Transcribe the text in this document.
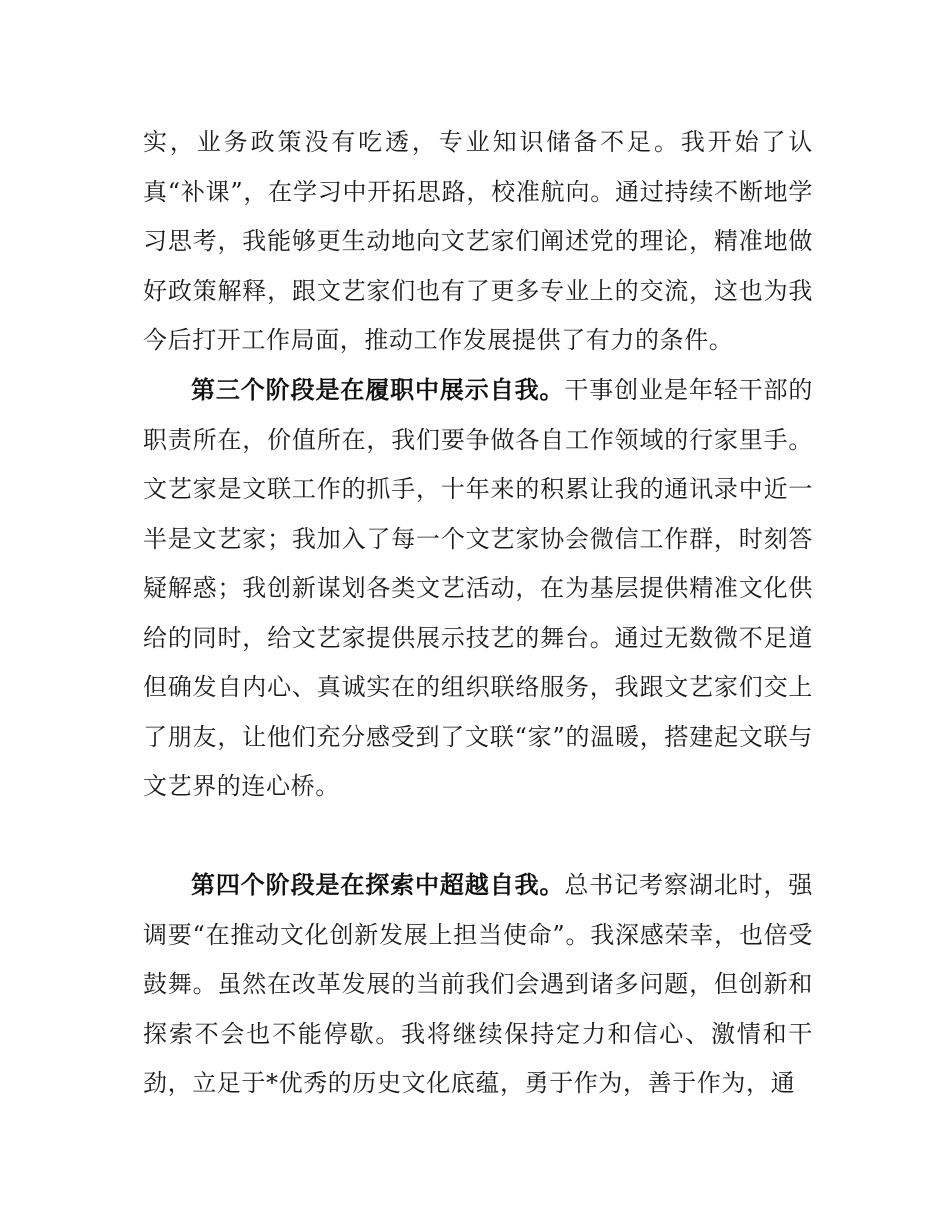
实，业务政策没有吃透，专业知识储备不足。我开始了认真“补课”，在学习中开拓思路，校准航向。通过持续不断地学习思考，我能够更生动地向文艺家们阐述党的理论，精准地做好政策解释，跟文艺家们也有了更多专业上的交流，这也为我今后打开工作局面，推动工作发展提供了有力的条件。

第三个阶段是在履职中展示自我。干事创业是年轻干部的职责所在，价值所在，我们要争做各自工作领域的行家里手。文艺家是文联工作的抓手，十年来的积累让我的通讯录中近一半是文艺家；我加入了每一个文艺家协会微信工作群，时刻答疑解惑；我创新谋划各类文艺活动，在为基层提供精准文化供给的同时，给文艺家提供展示技艺的舞台。通过无数微不足道但确发自内心、真诚实在的组织联络服务，我跟文艺家们交上了朋友，让他们充分感受到了文联“家”的温暖，搭建起文联与文艺界的连心桥。

第四个阶段是在探索中超越自我。总书记考察湖北时，强调要“在推动文化创新发展上担当使命”。我深感荣幸，也倍受鼓舞。虽然在改革发展的当前我们会遇到诸多问题，但创新和探索不会也不能停歇。我将继续保持定力和信心、激情和干劲，立足于*优秀的历史文化底蕴，勇于作为，善于作为，通
